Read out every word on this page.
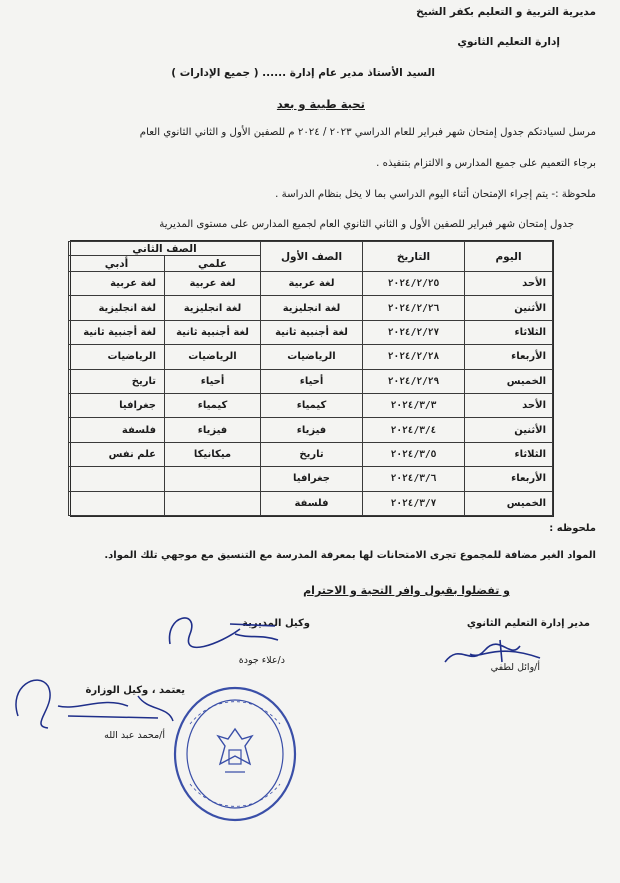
مديرية التربية و التعليم بكفر الشيخ
إدارة التعليم الثانوي
السيد الأستاذ مدير عام إدارة ...... ( جميع الإدارات )
تحية طيبة و بعد
مرسل لسيادتكم جدول إمتحان شهر فبراير للعام الدراسي ٢٠٢٣ / ٢٠٢٤ م للصفين الأول و الثاني الثانوي العام
برجاء التعميم على جميع المدارس و الالتزام بتنفيذه .
ملحوظة :- يتم إجراء الإمتحان أثناء اليوم الدراسي بما لا يخل بنظام الدراسة .
جدول إمتحان شهر فبراير للصفين الأول و الثاني الثانوي العام لجميع المدارس على مستوى المديرية
اليوم	التاريخ	الصف الأول	الصف الثاني	
			علمي	أدبي
الأحد	٢٠٢٤/٢/٢٥	لغة عربية	لغة عربية	لغة عربية
الأثنين	٢٠٢٤/٢/٢٦	لغة انجليزية	لغة انجليزية	لغة انجليزية
الثلاثاء	٢٠٢٤/٢/٢٧	لغة أجنبية ثانية	لغة أجنبية ثانية	لغة أجنبية ثانية
الأربعاء	٢٠٢٤/٢/٢٨	الرياضيات	الرياضيات	الرياضيات
الخميس	٢٠٢٤/٢/٢٩	أحياء	أحياء	تاريخ
الأحد	٢٠٢٤/٣/٣	كيمياء	كيمياء	جغرافيا
الأثنين	٢٠٢٤/٣/٤	فيزياء	فيزياء	فلسفة
الثلاثاء	٢٠٢٤/٣/٥	تاريخ	ميكانيكا	علم نفس
الأربعاء	٢٠٢٤/٣/٦	جغرافيا		
الخميس	٢٠٢٤/٣/٧	فلسفة		
ملحوظه :
المواد الغير مضافة للمجموع تجرى الامتحانات لها بمعرفة المدرسة مع التنسيق مع موجهي تلك المواد.
و تفضلوا بقبول وافر التحية و الاحترام
مدير إدارة التعليم الثانوي
أ/وائل لطفي
وكيل المديرية
د/علاء جودة
يعتمد ، وكيل الوزارة
أ/محمد عبد الله
